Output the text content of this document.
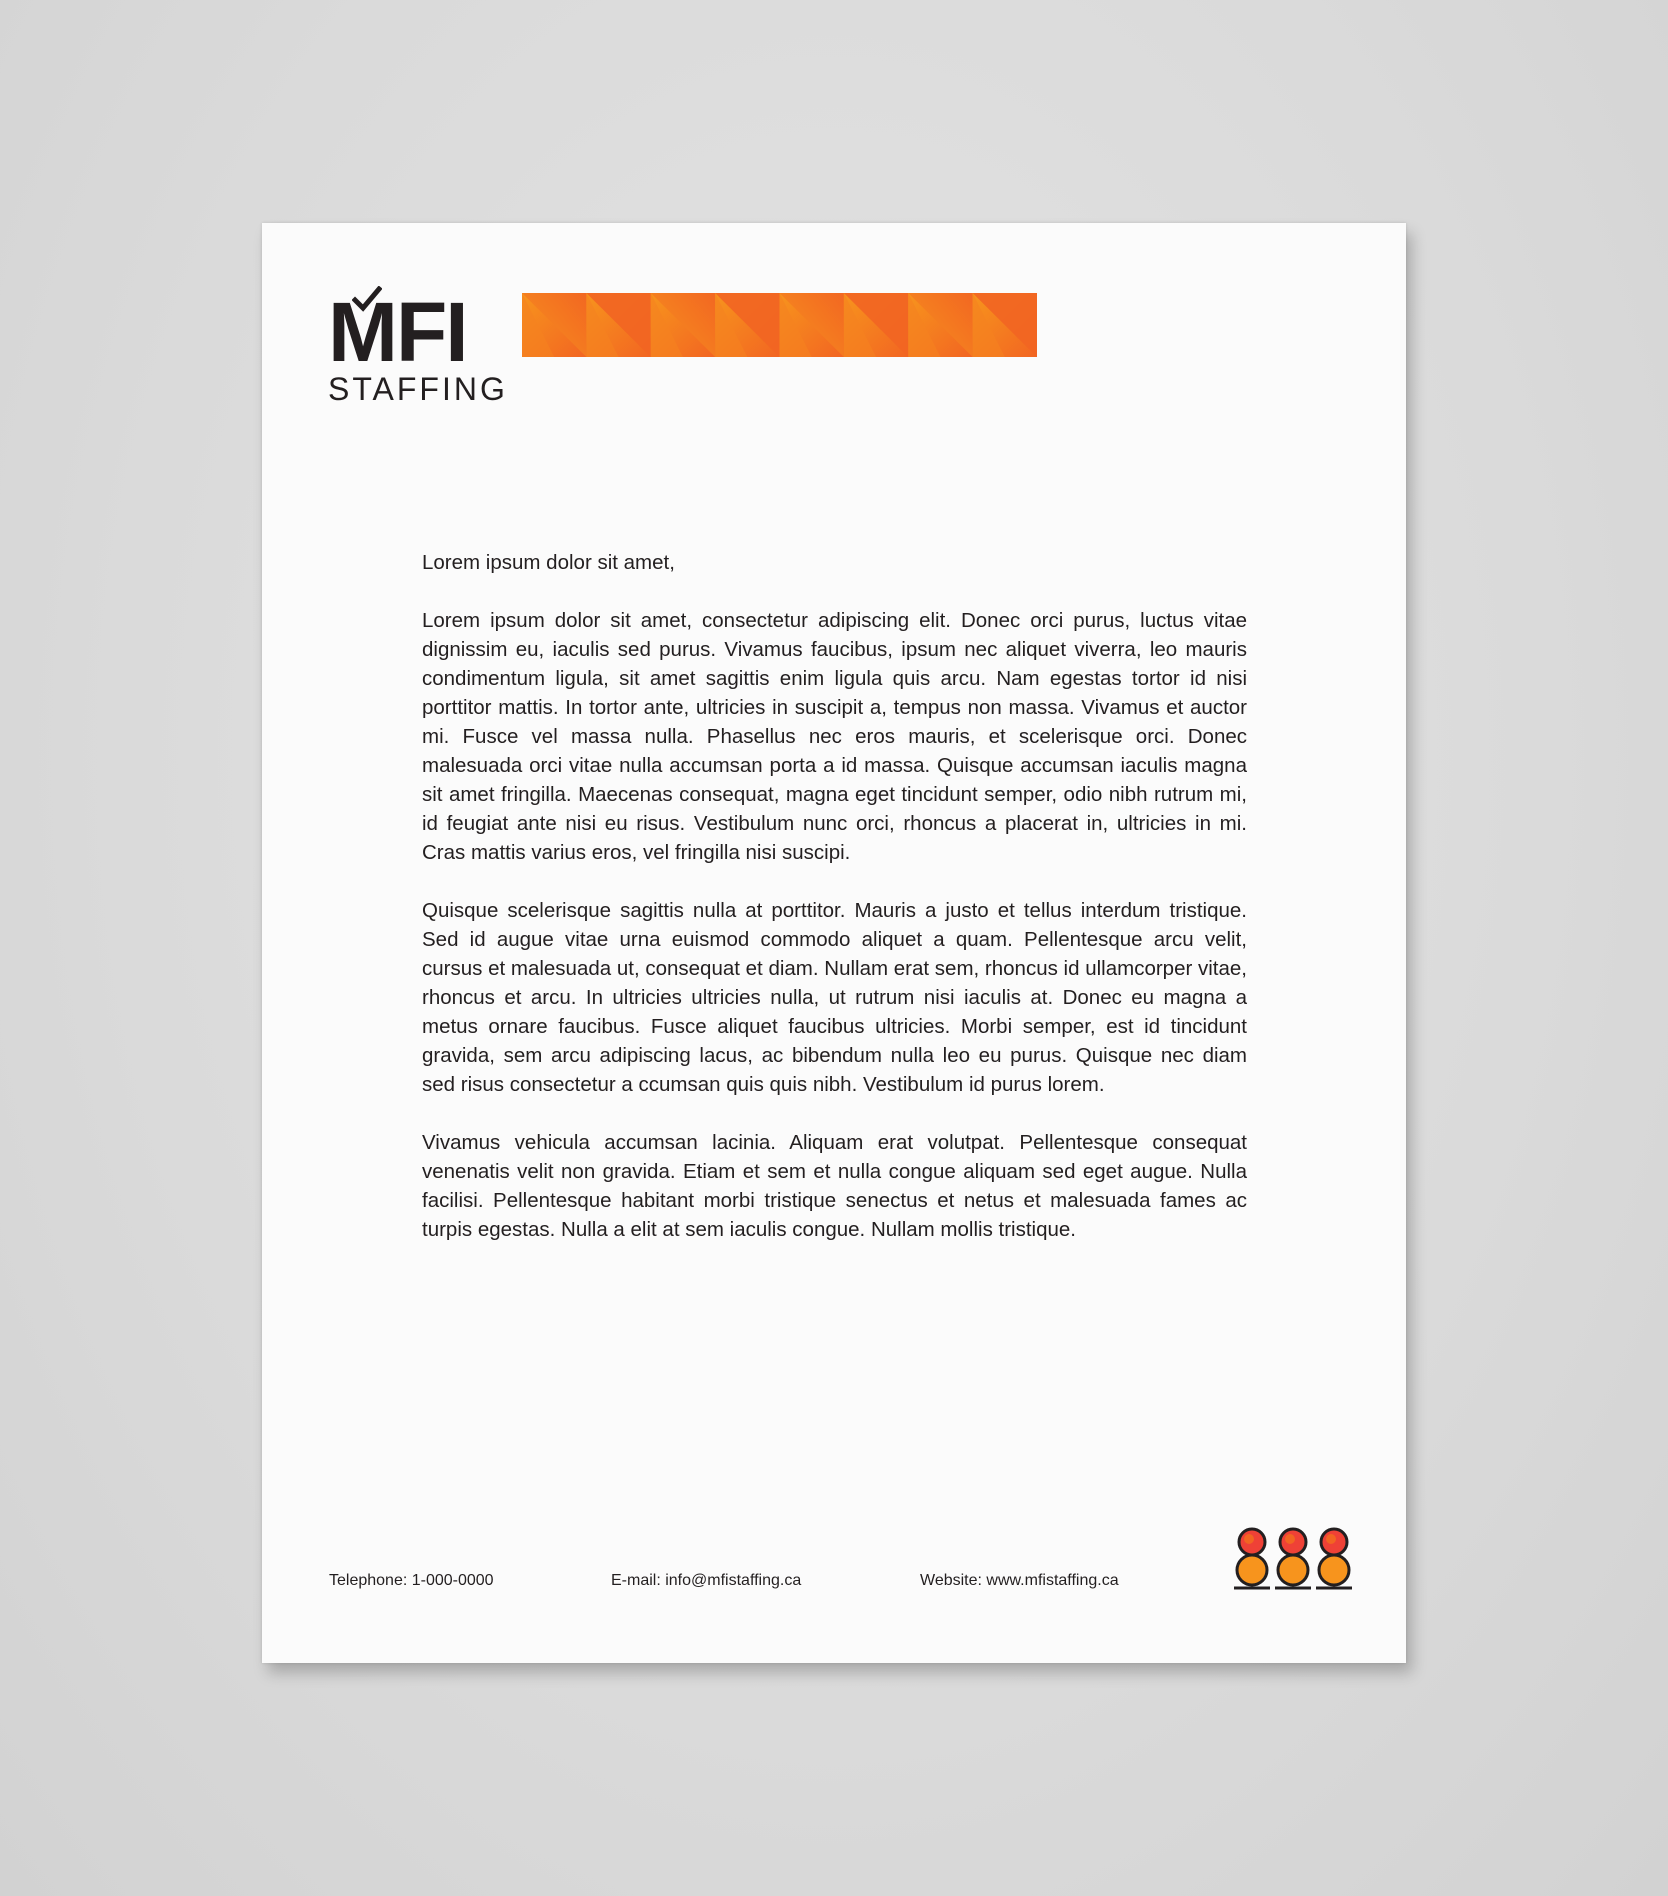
MFI
STAFFING

Lorem ipsum dolor sit amet,

Lorem ipsum dolor sit amet, consectetur adipiscing elit. Donec orci purus, luctus vitae dignissim eu, iaculis sed purus. Vivamus faucibus, ipsum nec aliquet viverra, leo mauris condimentum ligula, sit amet sagittis enim ligula quis arcu. Nam egestas tortor id nisi porttitor mattis. In tortor ante, ultricies in suscipit a, tempus non massa. Vivamus et auctor mi. Fusce vel massa nulla. Phasellus nec eros mauris, et scelerisque orci. Donec malesuada orci vitae nulla accumsan porta a id massa. Quisque accumsan iaculis magna sit amet fringilla. Maecenas consequat, magna eget tincidunt semper, odio nibh rutrum mi, id feugiat ante nisi eu risus. Vestibulum nunc orci, rhoncus a placerat in, ultricies in mi. Cras mattis varius eros, vel fringilla nisi suscipi.

Quisque scelerisque sagittis nulla at porttitor. Mauris a justo et tellus interdum tristique. Sed id augue vitae urna euismod commodo aliquet a quam. Pellentesque arcu velit, cursus et malesuada ut, consequat et diam. Nullam erat sem, rhoncus id ullamcorper vitae, rhoncus et arcu. In ultricies ultricies nulla, ut rutrum nisi iaculis at. Donec eu magna a metus ornare faucibus. Fusce aliquet faucibus ultricies. Morbi semper, est id tincidunt gravida, sem arcu adipiscing lacus, ac bibendum nulla leo eu purus. Quisque nec diam sed risus consectetur a ccumsan quis quis nibh. Vestibulum id purus lorem.

Vivamus vehicula accumsan lacinia. Aliquam erat volutpat. Pellentesque consequat venenatis velit non gravida. Etiam et sem et nulla congue aliquam sed eget augue. Nulla facilisi. Pellentesque habitant morbi tristique senectus et netus et malesuada fames ac turpis egestas. Nulla a elit at sem iaculis congue. Nullam mollis tristique.

Telephone: 1-000-0000	E-mail: info@mfistaffing.ca	Website: www.mfistaffing.ca
